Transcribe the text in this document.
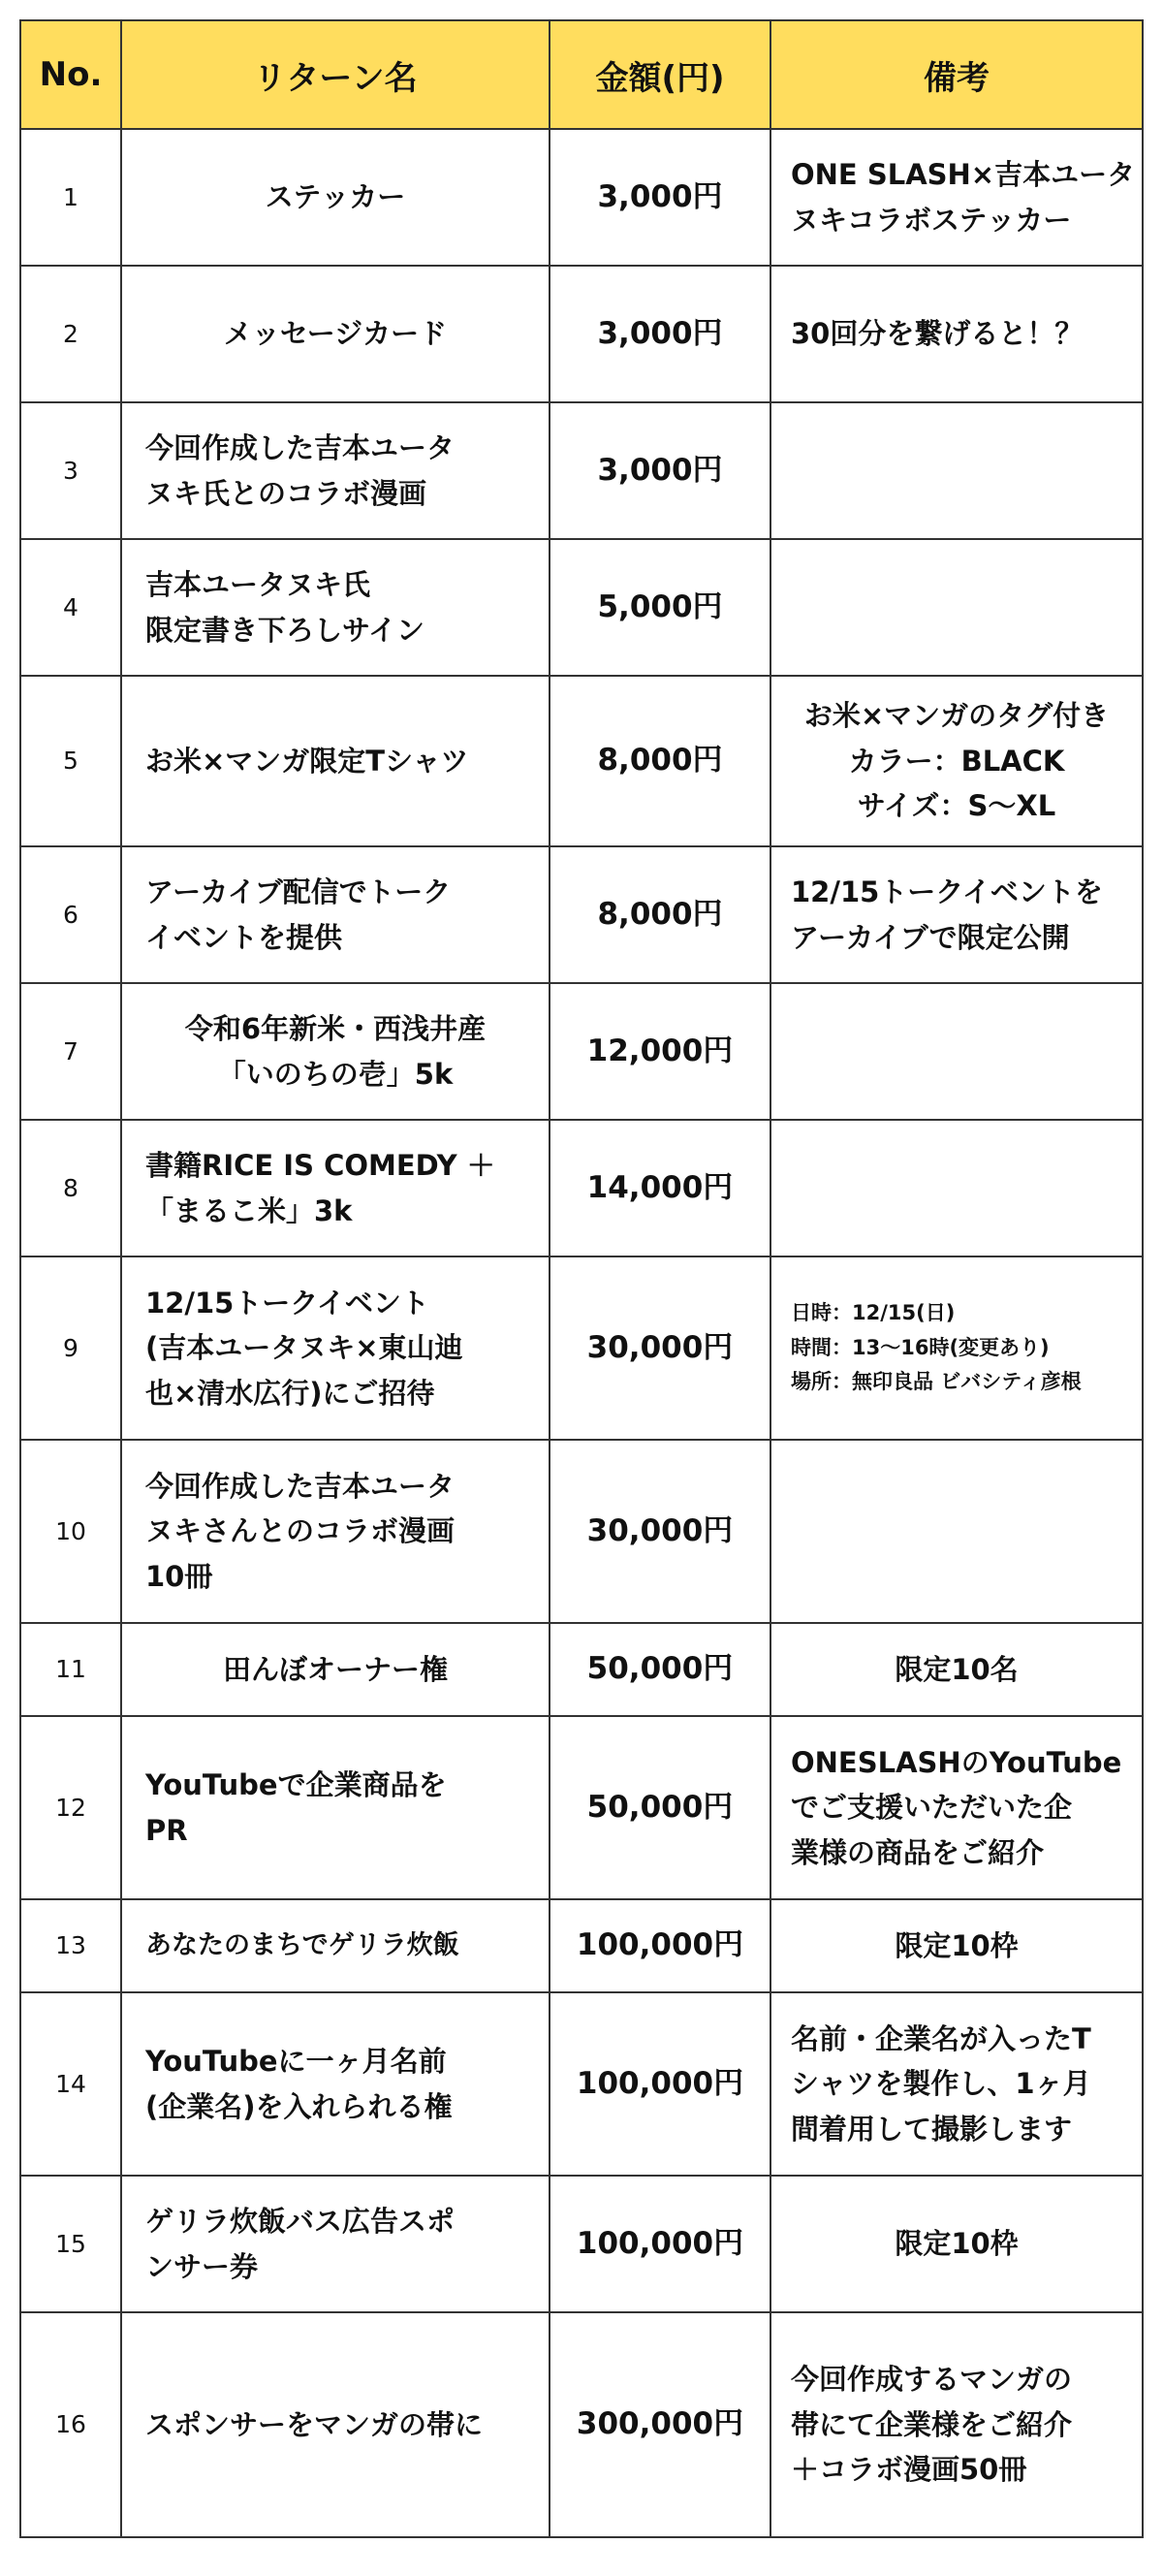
No.	リターン名	金額(円)	備考
1	ステッカー	3,000円	ONE SLASH×吉本ユータ
ヌキコラボステッカー

2	メッセージカード	3,000円	30回分を繋げると！？

3	今回作成した吉本ユータ
ヌキ氏とのコラボ漫画	3,000円	
4	吉本ユータヌキ氏
限定書き下ろしサイン	5,000円	
5	お米×マンガ限定Tシャツ	8,000円	お米×マンガのタグ付き
カラー：BLACK
サイズ：S〜XL

6	アーカイブ配信でトーク
イベントを提供	8,000円	12/15トークイベントを
アーカイブで限定公開

7	令和6年新米・西浅井産
「いのちの壱」5k	12,000円	
8	書籍RICE IS COMEDY ＋
「まるこ米」3k	14,000円	
9	12/15トークイベント
(吉本ユータヌキ×東山迪
也×清水広行)にご招待	30,000円	日時：12/15(日)
時間：13〜16時(変更あり)
場所：無印良品 ビバシティ彦根

10	今回作成した吉本ユータ
ヌキさんとのコラボ漫画
10冊	30,000円	
11	田んぼオーナー権	50,000円	限定10名

12	YouTubeで企業商品を
PR	50,000円	ONESLASHのYouTube
でご支援いただいた企
業様の商品をご紹介

13	あなたのまちでゲリラ炊飯	100,000円	限定10枠

14	YouTubeに一ヶ月名前
(企業名)を入れられる権	100,000円	名前・企業名が入ったT
シャツを製作し、1ヶ月
間着用して撮影します

15	ゲリラ炊飯バス広告スポ
ンサー券	100,000円	限定10枠

16	スポンサーをマンガの帯に	300,000円	今回作成するマンガの
帯にて企業様をご紹介
＋コラボ漫画50冊
